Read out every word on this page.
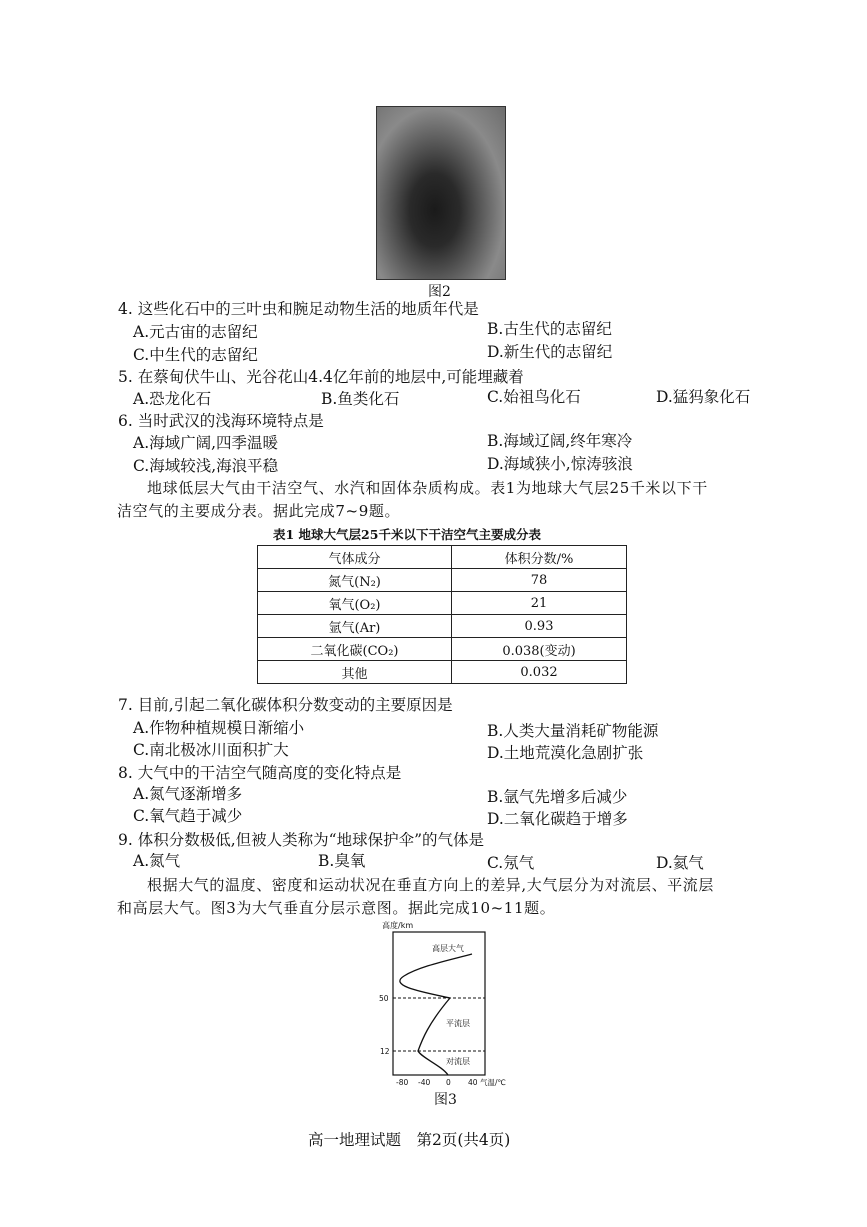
图2
4. 这些化石中的三叶虫和腕足动物生活的地质年代是
A.元古宙的志留纪	B.古生代的志留纪
C.中生代的志留纪	D.新生代的志留纪
5. 在蔡甸伏牛山、光谷花山4.4亿年前的地层中,可能埋藏着
A.恐龙化石	B.鱼类化石	C.始祖鸟化石	D.猛犸象化石
6. 当时武汉的浅海环境特点是
A.海域广阔,四季温暖	B.海域辽阔,终年寒冷
C.海域较浅,海浪平稳	D.海域狭小,惊涛骇浪
地球低层大气由干洁空气、水汽和固体杂质构成。表1为地球大气层25千米以下干
洁空气的主要成分表。据此完成7~9题。
表1 地球大气层25千米以下干洁空气主要成分表
气体成分	体积分数/%
氮气(N₂)	78
氧气(O₂)	21
氩气(Ar)	0.93
二氧化碳(CO₂)	0.038(变动)
其他	0.032
7. 目前,引起二氧化碳体积分数变动的主要原因是
A.作物种植规模日渐缩小	B.人类大量消耗矿物能源
C.南北极冰川面积扩大	D.土地荒漠化急剧扩张
8. 大气中的干洁空气随高度的变化特点是
A.氮气逐渐增多	B.氩气先增多后减少
C.氧气趋于减少	D.二氧化碳趋于增多
9. 体积分数极低,但被人类称为“地球保护伞”的气体是
A.氮气	B.臭氧	C.氖气	D.氦气
根据大气的温度、密度和运动状况在垂直方向上的差异,大气层分为对流层、平流层
和高层大气。图3为大气垂直分层示意图。据此完成10~11题。
高度/km
50
12
高层大气
平流层
对流层
-80 -40 0 40 气温/℃
图3
高一地理试题　第2页(共4页)
